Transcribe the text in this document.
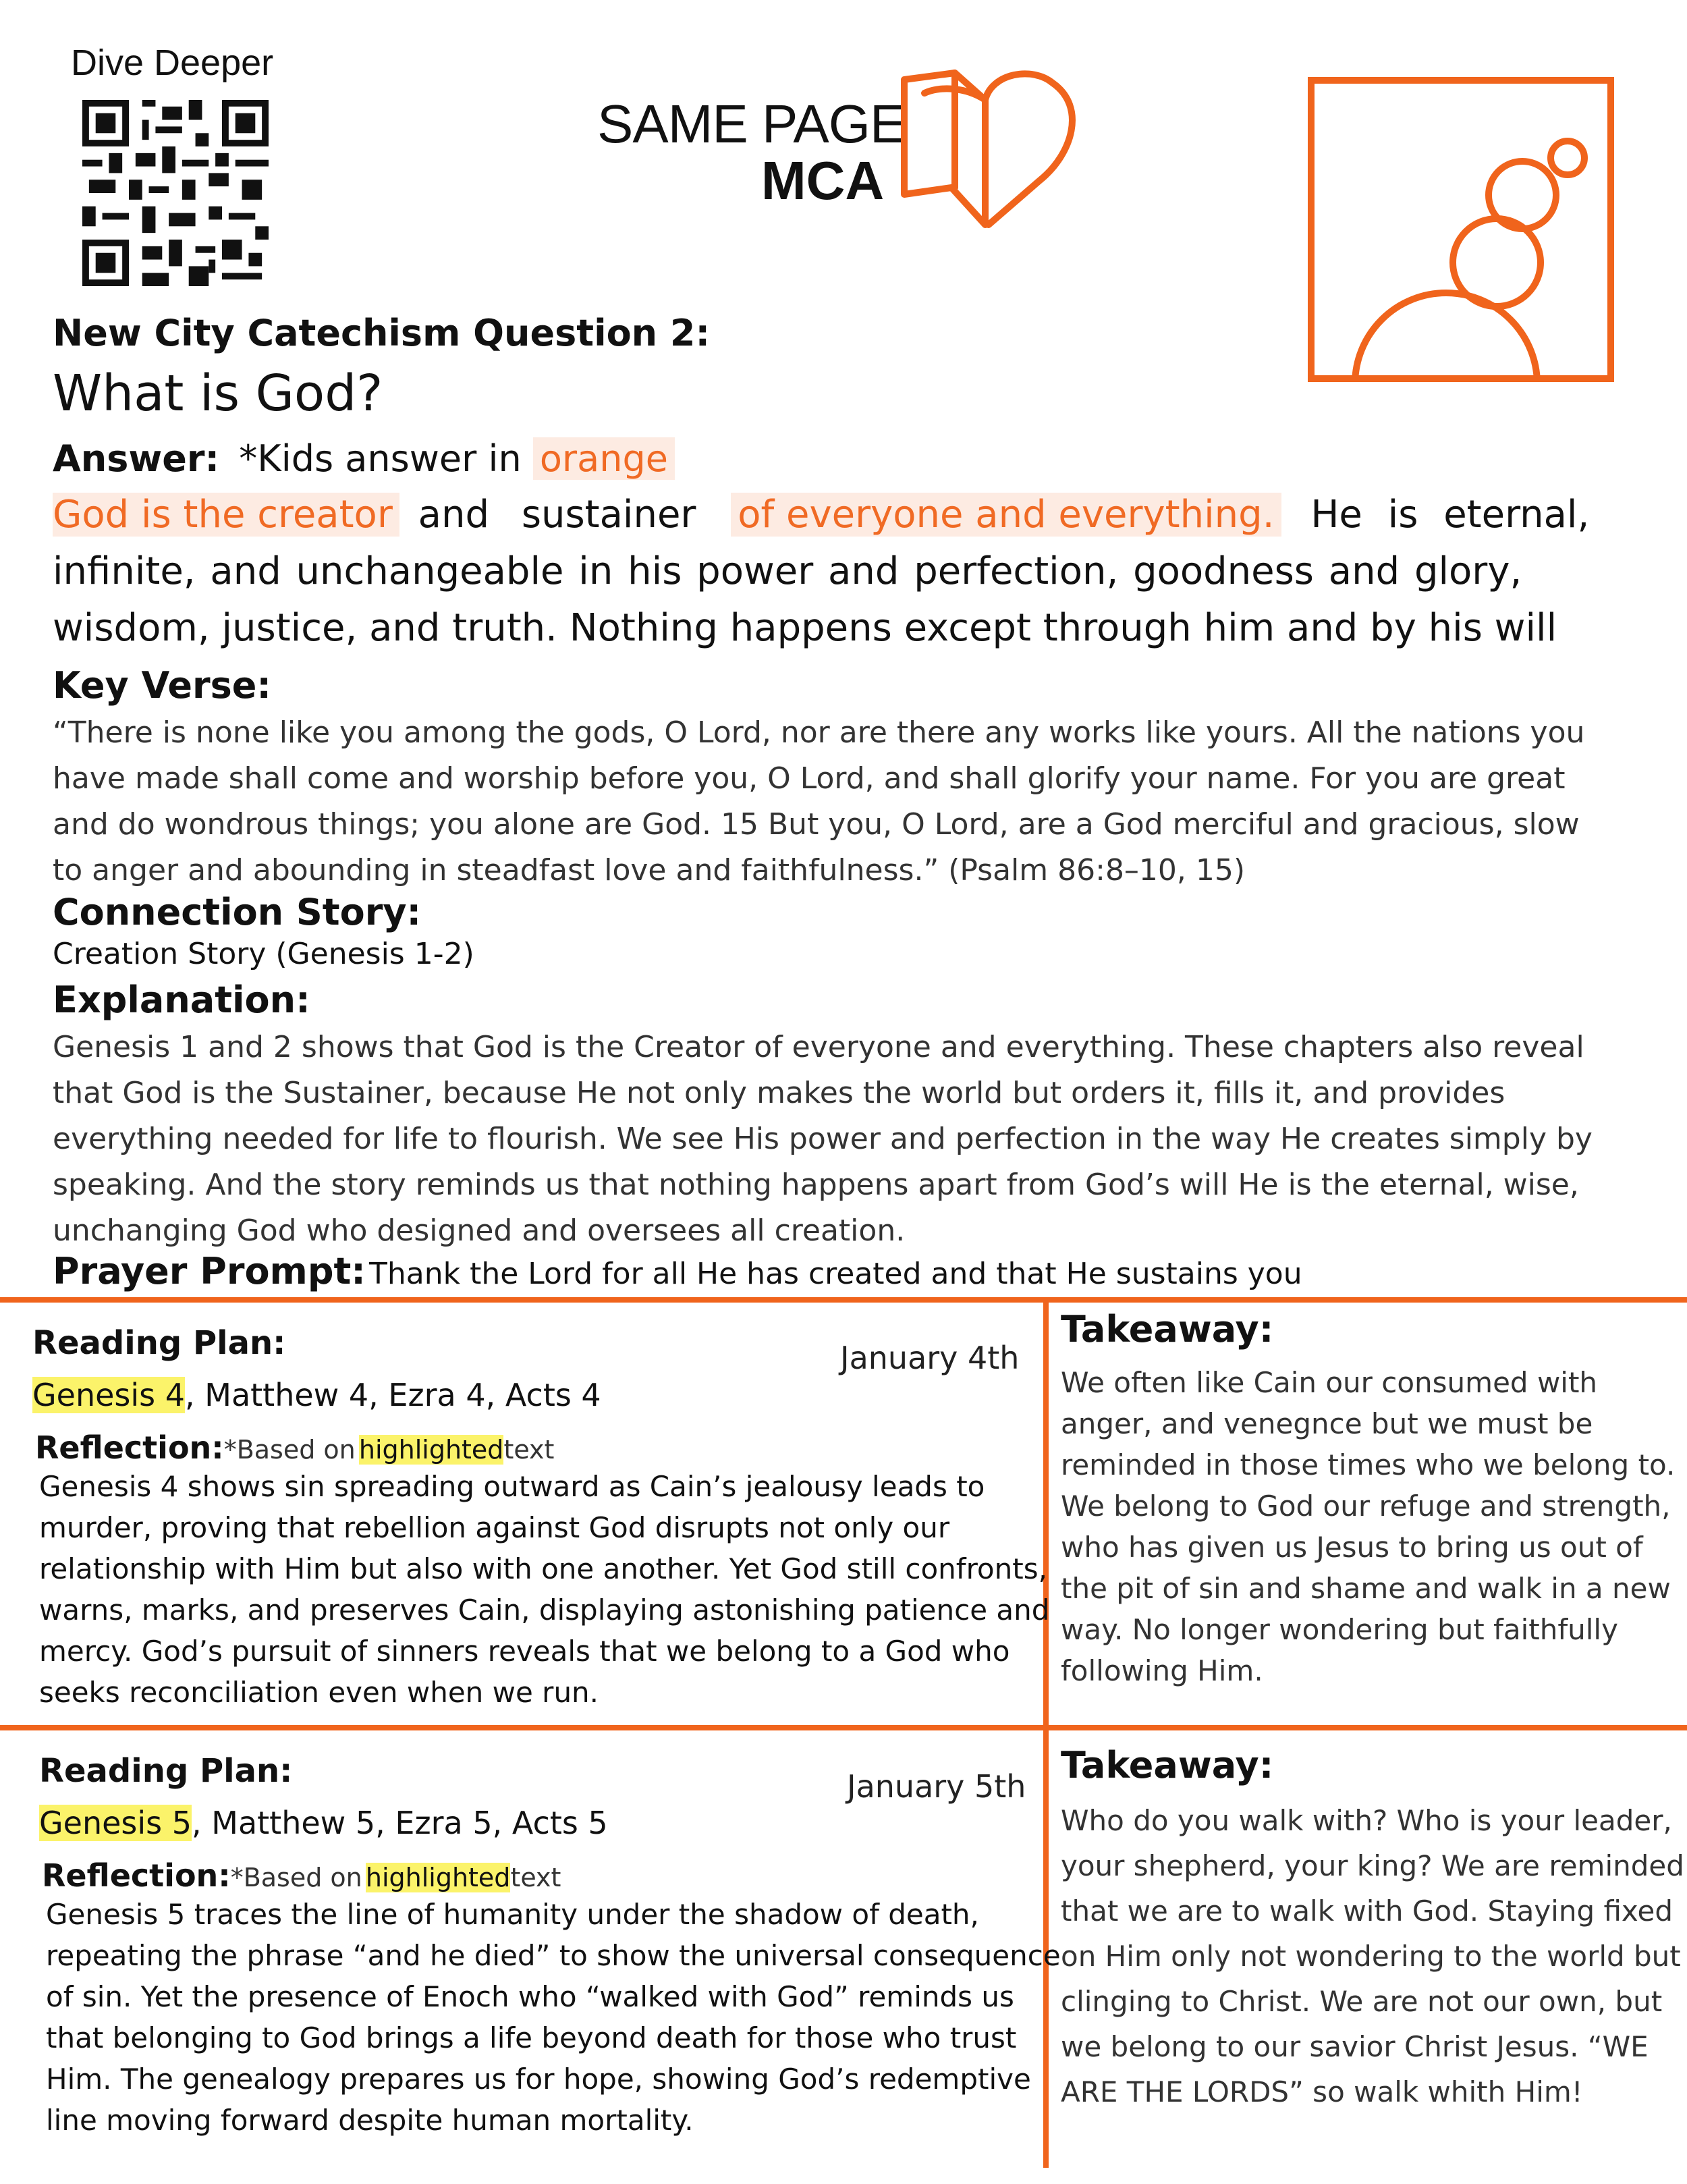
Dive Deeper
SAME PAGE
MCA
New City Catechism Question 2:
What is God?
Answer: *Kids answer in orange
God is the creator and sustainer of everyone and everything. He is eternal,
infinite, and unchangeable in his power and perfection, goodness and glory,
wisdom, justice, and truth. Nothing happens except through him and by his will
Key Verse:
“There is none like you among the gods, O Lord, nor are there any works like yours. All the nations you
have made shall come and worship before you, O Lord, and shall glorify your name. For you are great
and do wondrous things; you alone are God. 15 But you, O Lord, are a God merciful and gracious, slow
to anger and abounding in steadfast love and faithfulness.” (Psalm 86:8–10, 15)
Connection Story:
Creation Story (Genesis 1-2)
Explanation:
Genesis 1 and 2 shows that God is the Creator of everyone and everything. These chapters also reveal
that God is the Sustainer, because He not only makes the world but orders it, fills it, and provides
everything needed for life to flourish. We see His power and perfection in the way He creates simply by
speaking. And the story reminds us that nothing happens apart from God’s will He is the eternal, wise,
unchanging God who designed and oversees all creation.
Prayer Prompt: Thank the Lord for all He has created and that He sustains you
Reading Plan:	January 4th
Genesis 4, Matthew 4, Ezra 4, Acts 4
Reflection:*Based on highlightedtext
Genesis 4 shows sin spreading outward as Cain’s jealousy leads to
murder, proving that rebellion against God disrupts not only our
relationship with Him but also with one another. Yet God still confronts,
warns, marks, and preserves Cain, displaying astonishing patience and
mercy. God’s pursuit of sinners reveals that we belong to a God who
seeks reconciliation even when we run.
Takeaway:
We often like Cain our consumed with
anger, and venegnce but we must be
reminded in those times who we belong to.
We belong to God our refuge and strength,
who has given us Jesus to bring us out of
the pit of sin and shame and walk in a new
way. No longer wondering but faithfully
following Him.
Reading Plan:	January 5th
Genesis 5, Matthew 5, Ezra 5, Acts 5
Reflection:*Based on highlightedtext
Genesis 5 traces the line of humanity under the shadow of death,
repeating the phrase “and he died” to show the universal consequence
of sin. Yet the presence of Enoch who “walked with God” reminds us
that belonging to God brings a life beyond death for those who trust
Him. The genealogy prepares us for hope, showing God’s redemptive
line moving forward despite human mortality.
Takeaway:
Who do you walk with? Who is your leader,
your shepherd, your king? We are reminded
that we are to walk with God. Staying fixed
on Him only not wondering to the world but
clinging to Christ. We are not our own, but
we belong to our savior Christ Jesus. “WE
ARE THE LORDS” so walk whith Him!
